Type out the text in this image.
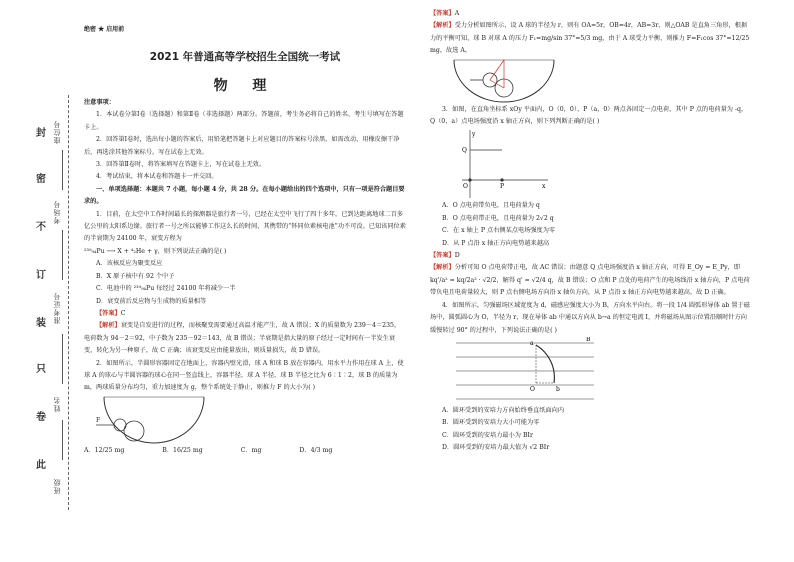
封
密
不
订
装
只
卷
此
座位号
考场号
准考证号
姓名
班级
绝密 ★ 启用前
2021 年普通高等学校招生全国统一考试
物 理

注意事项：

1．本试卷分第Ⅰ卷（选择题）和第Ⅱ卷（非选择题）两部分。答题前，考生务必将自己的姓名、考生号填写在答题卡上。

2．回答第Ⅰ卷时，选出每小题的答案后，用铅笔把答题卡上对应题目的答案标号涂黑，如需改动，用橡皮擦干净后，再选涂其他答案标号。写在试卷上无效。

3．回答第Ⅱ卷时，将答案填写在答题卡上，写在试卷上无效。

4．考试结束，将本试卷和答题卡一并交回。

一、单项选择题：本题共 7 小题，每小题 4 分，共 28 分。在每小题给出的四个选项中，只有一项是符合题目要求的。

1．目前，在太空中工作时间最长的探测器是旅行者一号，已经在太空中飞行了四十多年，已到达距离地球二百多亿公里的太阳系边缘。旅行者一号之所以能够工作这么长的时间，其携带的“钚同位素核电池”功不可没。已知该同位素的半衰期为 24100 年，衰变方程为

²³⁹₉₄Pu ⟶ X + ⁴₂He + γ，则下列说法正确的是( )

A．该核反应为聚变反应

B．X 原子核中有 92 个中子

C．电池中的 ²³⁹₉₄Pu 每经过 24100 年将减少一半

D．衰变前后反应物与生成物的质量相等

【答案】C

【解析】衰变是自发进行的过程，而核聚变需要通过高温才能产生，故 A 错误；X 的质量数为 239－4＝235，电荷数为 94－2＝92，中子数为 235－92＝143，故 B 错误；半衰期是指大量的原子经过一定时间有一半发生衰变，转化为另一种原子，故 C 正确；该衰变反应由能量放出，则质量损失，故 D 错误。

2．如图所示，半圆形容器固定在地面上，容器内壁光滑，球 A 和球 B 放在容器内，用水平力作用在球 A 上，使球 A 的球心与半圆容器的球心在同一竖直线上，容器半径、球 A 半径、球 B 半径之比为 6∶1∶2，球 B 的质量为 m，两球质量分布均匀，重力加速度为 g，整个系统处于静止，则推力 F 的大小为( )

F
A．12/25 mg	B．16/25 mg	C．mg	D．4/3 mg

【答案】A

【解析】受力分析如图所示，设 A 球的半径为 r，则有 OA=5r，OB=4r，AB=3r，则△OAB 是直角三角形，根据力的平衡可知，球 B 对球 A 的压力 F₁=mg/sin 37°=5/3 mg，由于 A 球受力平衡，则推力 F=F₁cos 37°=12/25 mg，故选 A。

3．如图，在直角坐标系 xOy 平面内，O（0，0）、P（a，0）两点各固定一点电荷，其中 P 点的电荷量为 -q，Q（0，a）点电场强度沿 x 轴正方向，则下列判断正确的是( )

y
x
Q
O	P

A．O 点电荷带负电，且电荷量为 q

B．O 点电荷带正电，且电荷量为 2√2 q

C．在 x 轴上 P 点右侧某点电场强度为零

D．从 P 点沿 x 轴正方向电势越来越高

【答案】D

【解析】分析可知 O 点电荷带正电，故 AC 错误；由题意 Q 点电场强度沿 x 轴正方向，可得 E_Oy = E_Py，即 kq'/a² = kq/2a² · √2/2，解得 q' = √2/4 q，故 B 错误；O 点和 P 点处的电荷产生的电场线沿 x 轴方向，P 点电荷带负电且电荷量较大，则 P 点右侧电场方向沿 x 轴负方向，从 P 点沿 x 轴正方向电势越来越高，故 D 正确。

4．如图所示，匀强磁场区域宽度为 d，磁感应强度大小为 B，方向水平向右。将一段 1/4 圆弧形导体 ab 置于磁场中，圆弧圆心为 O，半径为 r，现在导体 ab 中通以方向从 b→a 的恒定电流 I，并将磁场从图示位置沿顺时针方向缓慢转过 90° 的过程中，下列说法正确的是( )

B
a
O	b

A．圆环受到的安培力方向始终垂直纸面向内

B．圆环受到的安培力大小可能为零

C．圆环受到的安培力最小为 BIr

D．圆环受到的安培力最大值为 √2 BIr
